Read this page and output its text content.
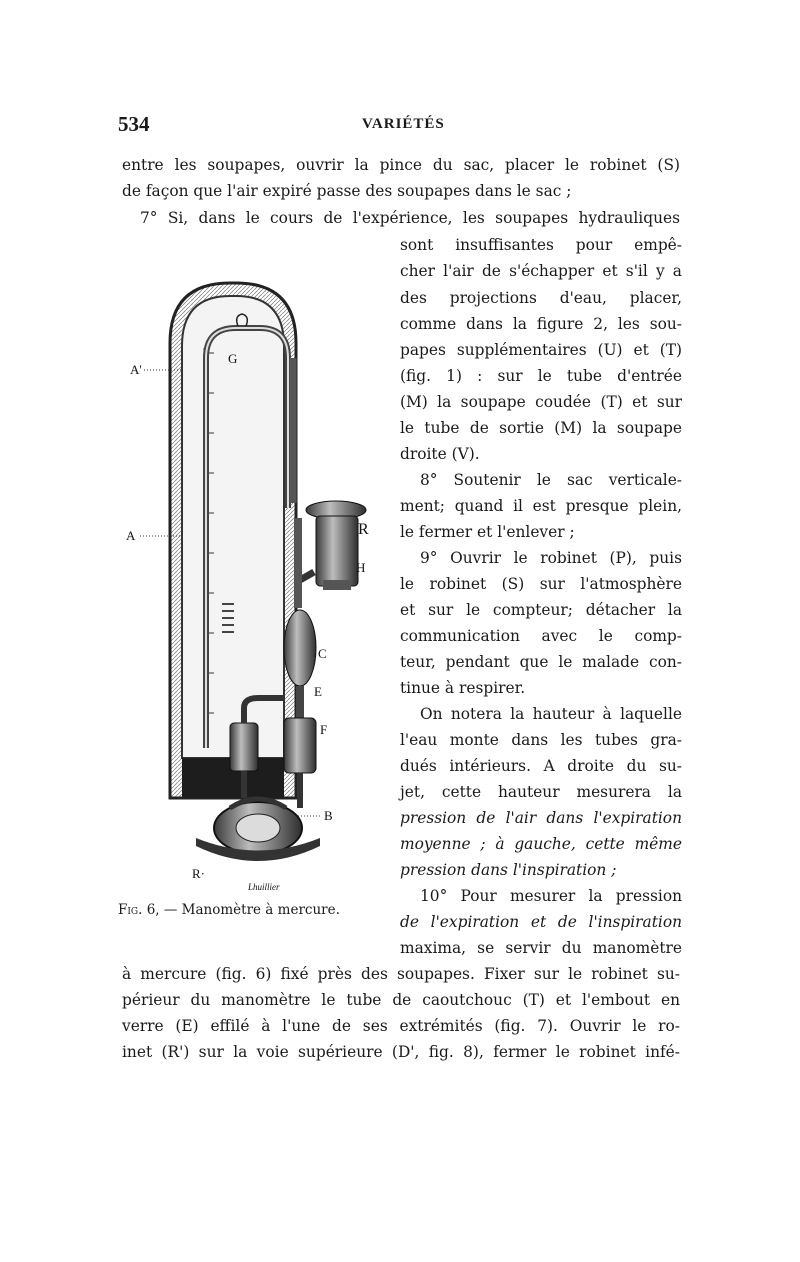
534	VARIÉTÉS
entre les soupapes, ouvrir la pince du sac, placer le robinet (S)
de façon que l'air expiré passe des soupapes dans le sac ;
7° Si, dans le cours de l'expérience, les soupapes hydrauliques
sont insuffisantes pour empê-
cher l'air de s'échapper et s'il y a
des projections d'eau, placer,
comme dans la figure 2, les sou-
papes supplémentaires (U) et (T)
(fig. 1) : sur le tube d'entrée
(M) la soupape coudée (T) et sur
le tube de sortie (M) la soupape
droite (V).
8° Soutenir le sac verticale-
ment; quand il est presque plein,
le fermer et l'enlever ;
9° Ouvrir le robinet (P), puis
le robinet (S) sur l'atmosphère
et sur le compteur; détacher la
communication avec le comp-
teur, pendant que le malade con-
tinue à respirer.
On notera la hauteur à laquelle
l'eau monte dans les tubes gra-
dués intérieurs. A droite du su-
jet, cette hauteur mesurera la
pression de l'air dans l'expiration
moyenne ; à gauche, cette même
pression dans l'inspiration ;
10° Pour mesurer la pression
de l'expiration et de l'inspiration
maxima, se servir du manomètre
à mercure (fig. 6) fixé près des soupapes. Fixer sur le robinet su-
périeur du manomètre le tube de caoutchouc (T) et l'embout en
verre (E) effilé à l'une de ses extrémités (fig. 7). Ouvrir le ro-
inet (R') sur la voie supérieure (D', fig. 8), fermer le robinet infé-
G
A'
A	R
H
C
E
F
B
R·
Lhuillier
Fig. 6, — Manomètre à mercure.
